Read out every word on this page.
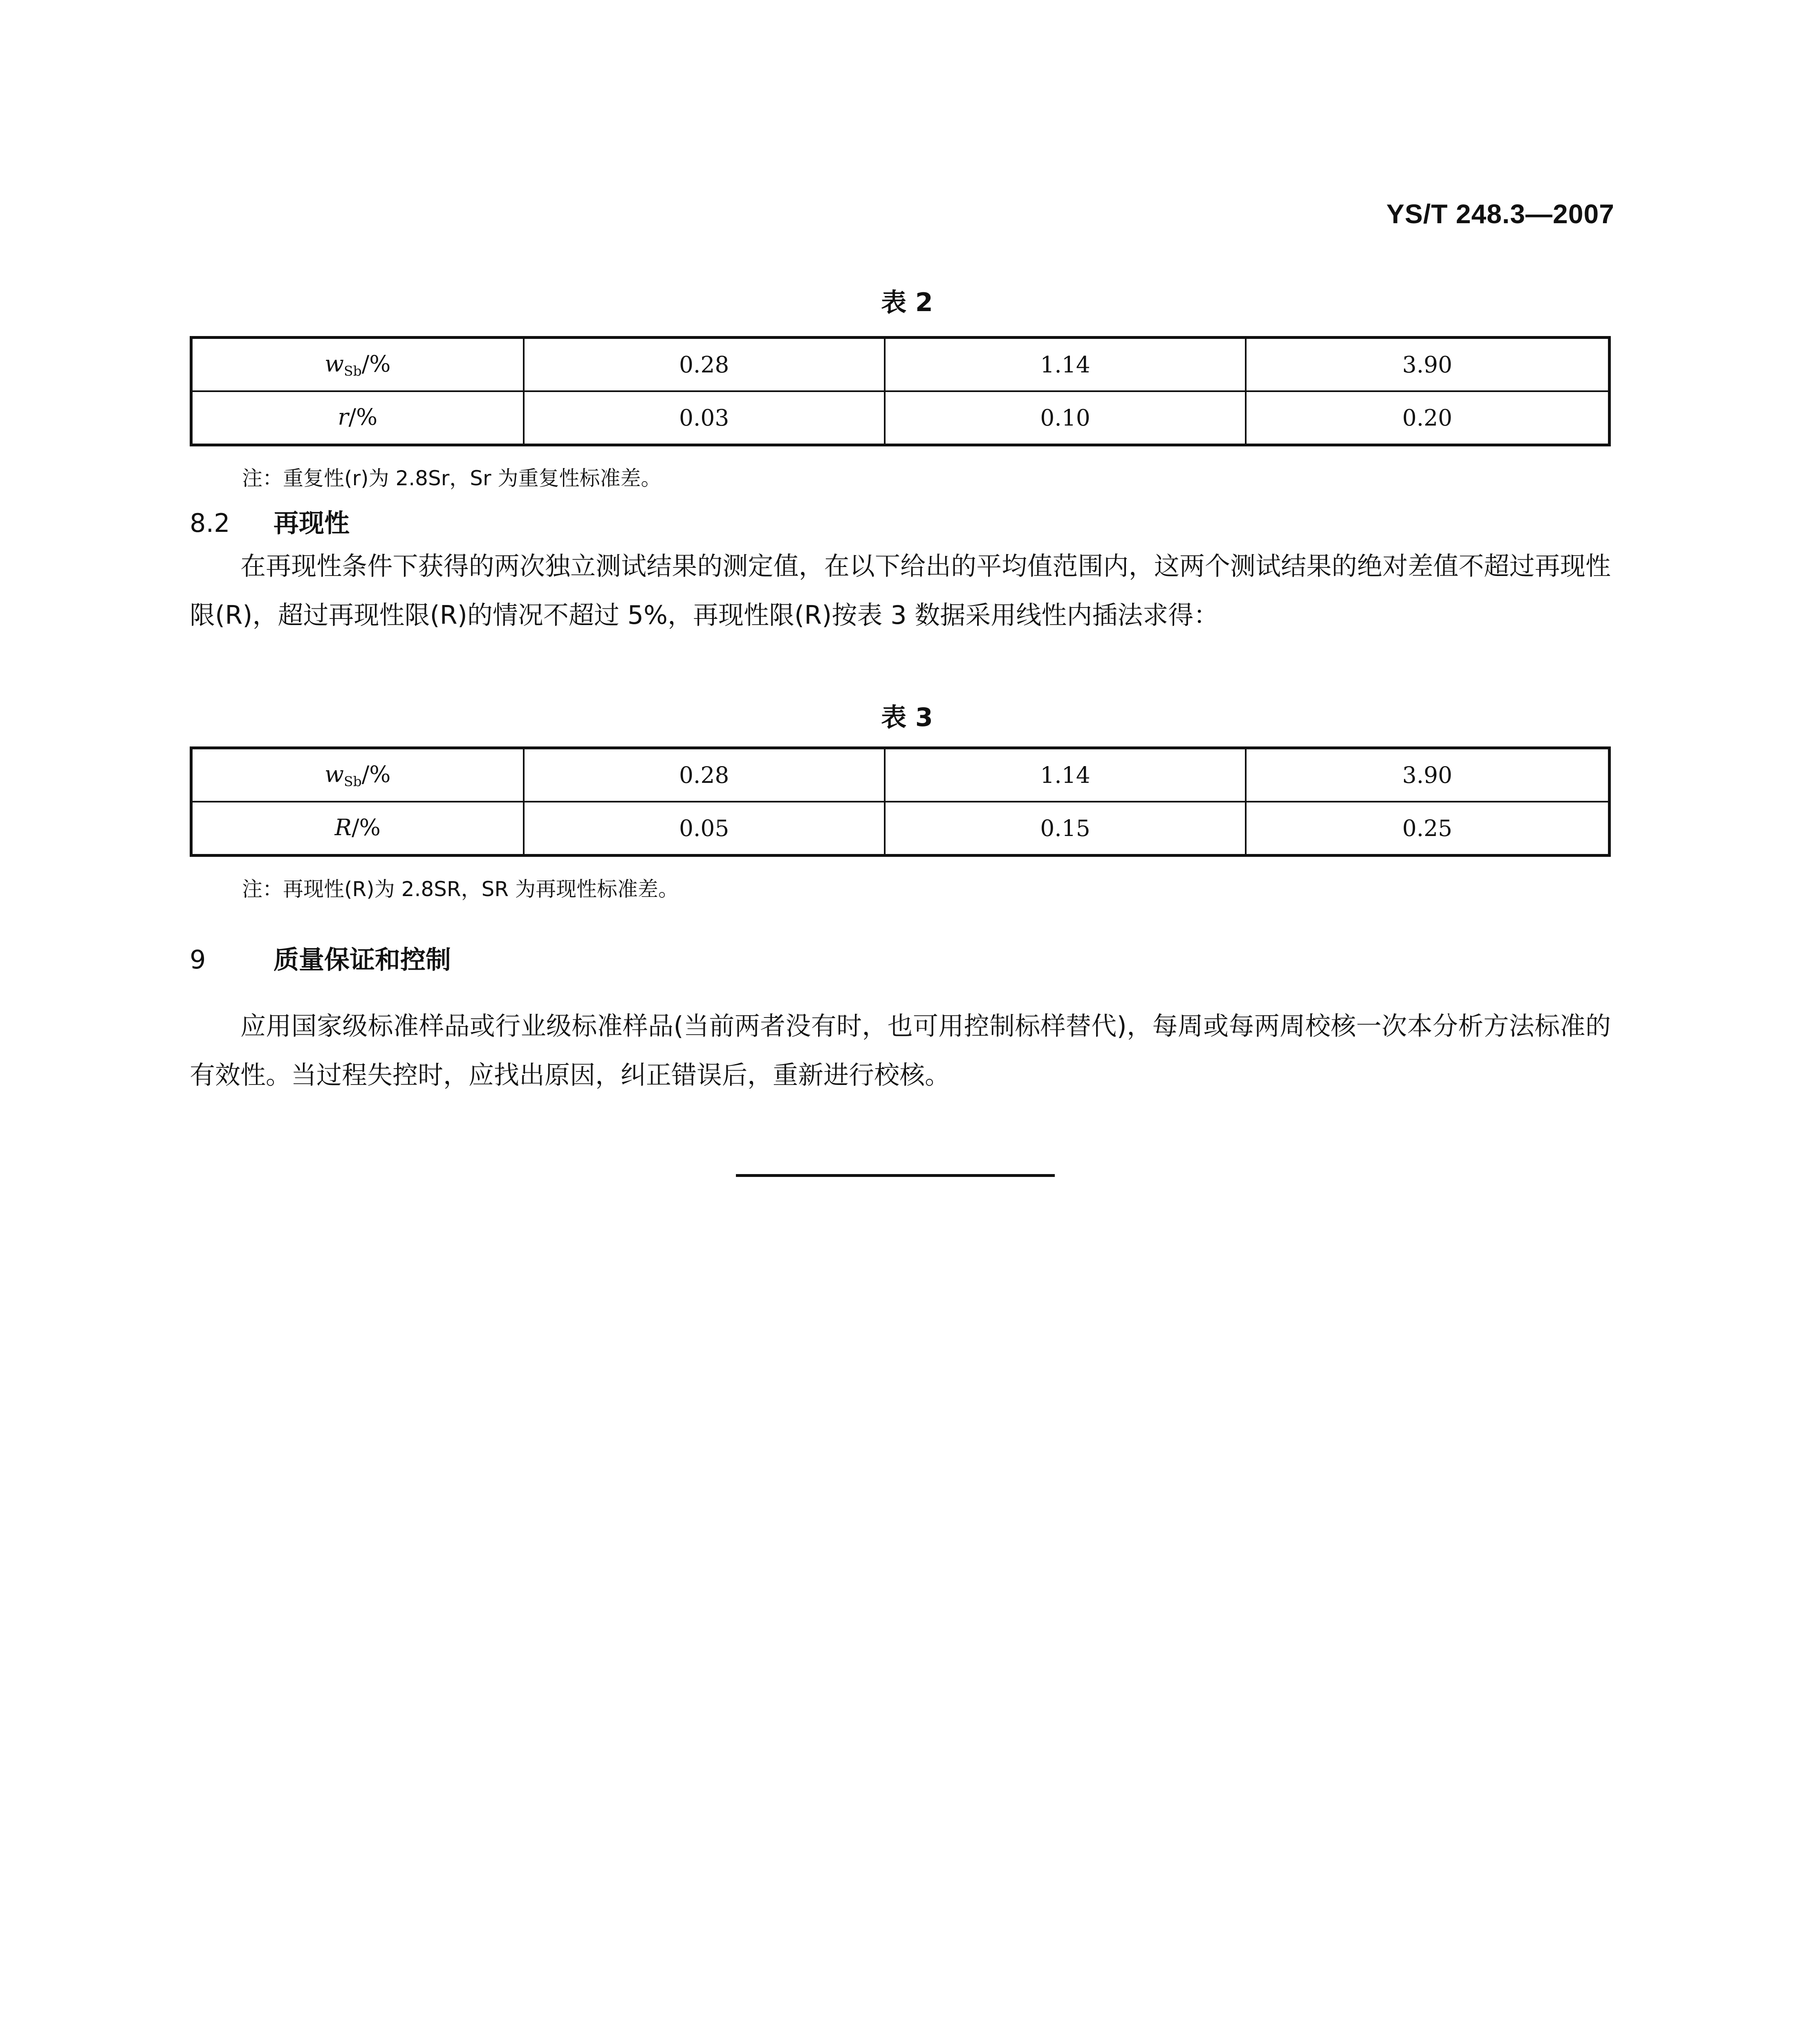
YS/T 248.3—2007
表 2
$w_{Sb}/\%$	0.28	1.14	3.90
r/%	0.03	0.10	0.20
注：重复性(r)为 2.8Sr，Sr 为重复性标准差。
8.2 再现性
在再现性条件下获得的两次独立测试结果的测定值，在以下给出的平均值范围内，这两个测试结果的绝对差值不超过再现性限(R)，超过再现性限(R)的情况不超过 5%，再现性限(R)按表 3 数据采用线性内插法求得：
表 3
$w_{Sb}/\%$	0.28	1.14	3.90
R/%	0.05	0.15	0.25
注：再现性(R)为 2.8SR，SR 为再现性标准差。
9	质量保证和控制
应用国家级标准样品或行业级标准样品(当前两者没有时，也可用控制标样替代)，每周或每两周校核一次本分析方法标准的有效性。当过程失控时，应找出原因，纠正错误后，重新进行校核。
